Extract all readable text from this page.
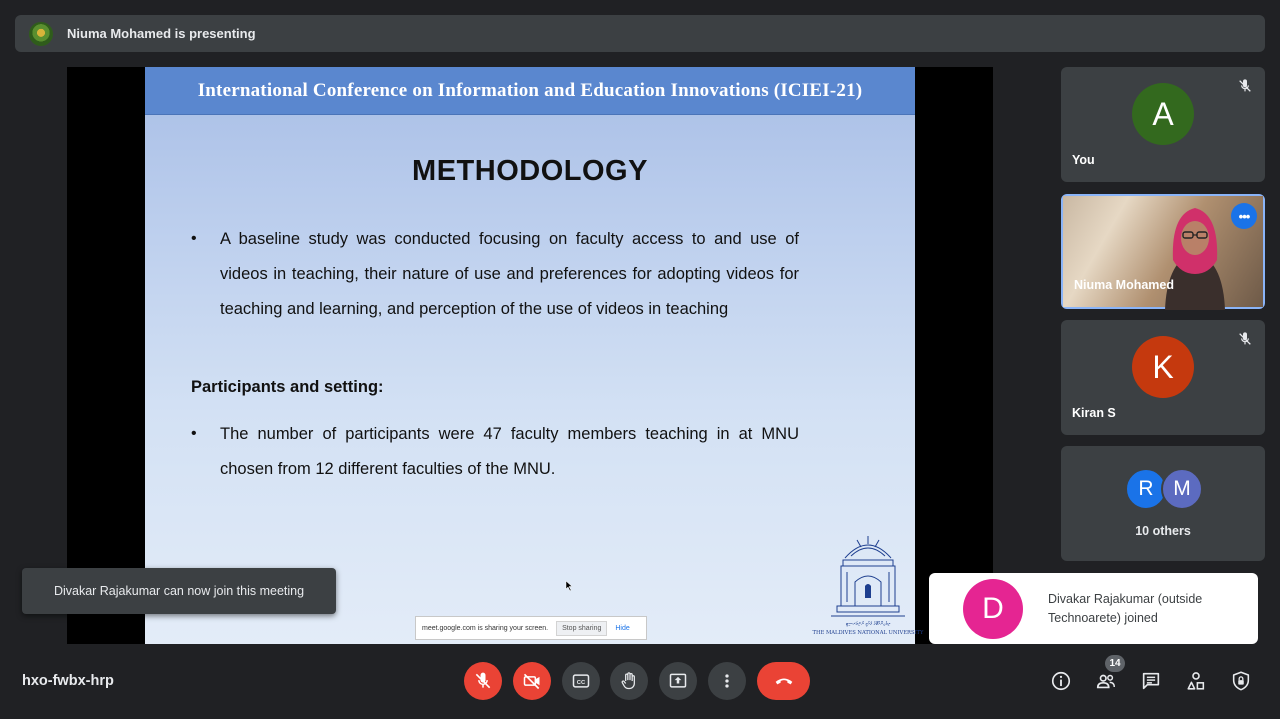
Niuma Mohamed is presenting
International Conference on Information and Education Innovations (ICIEI-21)
METHODOLOGY
•	A baseline study was conducted focusing on faculty access to and use of videos in teaching, their nature of use and preferences for adopting videos for teaching and learning, and perception of the use of videos in teaching
Participants and setting:
•	The number of participants were 47 faculty members teaching in at MNU chosen from 12 different faculties of the MNU.
ދިވެހިރާއްޖޭގެ ޤައުމީ ޔުނިވަރސިޓީ
THE MALDIVES NATIONAL UNIVERSITY
meet.google.com is sharing your screen.	Stop sharing	Hide
A
You
•••
Niuma Mohamed
K
Kiran S
R M
10 others
Divakar Rajakumar can now join this meeting
D	Divakar Rajakumar (outside Technoarete) joined
hxo-fwbx-hrp	CC
14
